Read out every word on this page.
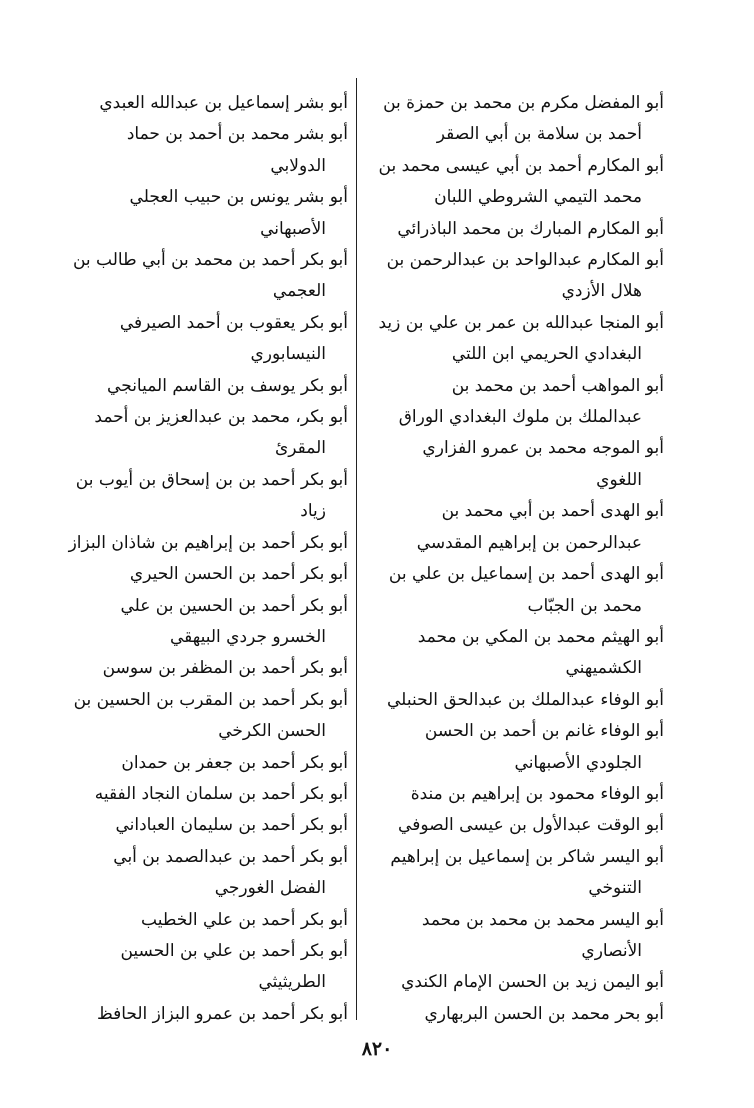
أبو المفضل مكرم بن محمد بن حمزة بن
أحمد بن سلامة بن أبي الصقر
أبو المكارم أحمد بن أبي عيسى محمد بن
محمد التيمي الشروطي اللبان
أبو المكارم المبارك بن محمد الباذرائي
أبو المكارم عبدالواحد بن عبدالرحمن بن
هلال الأزدي
أبو المنجا عبدالله بن عمر بن علي بن زيد
البغدادي الحريمي ابن اللتي
أبو المواهب أحمد بن محمد بن
عبدالملك بن ملوك البغدادي الوراق
أبو الموجه محمد بن عمرو الفزاري
اللغوي
أبو الهدى أحمد بن أبي محمد بن
عبدالرحمن بن إبراهيم المقدسي
أبو الهدى أحمد بن إسماعيل بن علي بن
محمد بن الجبّاب
أبو الهيثم محمد بن المكي بن محمد
الكشميهني
أبو الوفاء عبدالملك بن عبدالحق الحنبلي
أبو الوفاء غانم بن أحمد بن الحسن
الجلودي الأصبهاني
أبو الوفاء محمود بن إبراهيم بن مندة
أبو الوقت عبدالأول بن عيسى الصوفي
أبو اليسر شاكر بن إسماعيل بن إبراهيم
التنوخي
أبو اليسر محمد بن محمد بن محمد
الأنصاري
أبو اليمن زيد بن الحسن الإمام الكندي
أبو بحر محمد بن الحسن البربهاري
أبو بشر إسماعيل بن عبدالله العبدي
أبو بشر محمد بن أحمد بن حماد
الدولابي
أبو بشر يونس بن حبيب العجلي
الأصبهاني
أبو بكر أحمد بن محمد بن أبي طالب بن
العجمي
أبو بكر يعقوب بن أحمد الصيرفي
النيسابوري
أبو بكر يوسف بن القاسم الميانجي
أبو بكر، محمد بن عبدالعزيز بن أحمد
المقرئ
أبو بكر أحمد بن بن إسحاق بن أيوب بن
زياد
أبو بكر أحمد بن إبراهيم بن شاذان البزاز
أبو بكر أحمد بن الحسن الحيري
أبو بكر أحمد بن الحسين بن علي
الخسرو جردي البيهقي
أبو بكر أحمد بن المظفر بن سوسن
أبو بكر أحمد بن المقرب بن الحسين بن
الحسن الكرخي
أبو بكر أحمد بن جعفر بن حمدان
أبو بكر أحمد بن سلمان النجاد الفقيه
أبو بكر أحمد بن سليمان العباداني
أبو بكر أحمد بن عبدالصمد بن أبي
الفضل الغورجي
أبو بكر أحمد بن علي الخطيب
أبو بكر أحمد بن علي بن الحسين
الطريثيثي
أبو بكر أحمد بن عمرو البزاز الحافظ
٨٢٠
